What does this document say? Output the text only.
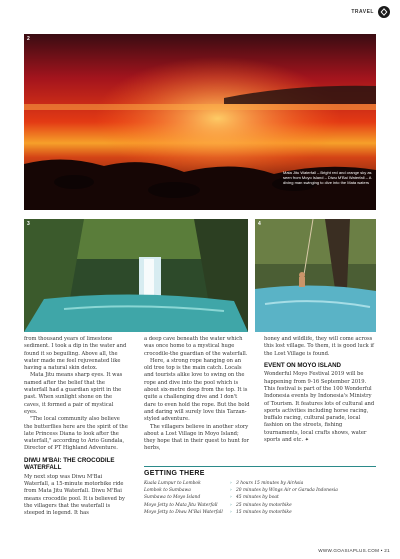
TRAVEL
2
Mata Jitu Waterfall – Bright red and orange sky as seen from Moyo Island – Diwu M'Bai Waterfall – A diving man swinging to dive into the Mata waters
3	4

from thousand years of limestone sediment. I took a dip in the water and found it so beguiling. Above all, the water made me feel rejuvenated like having a natural skin detox.

Mata Jitu means sharp eyes. It was named after the belief that the waterfall had a guardian spirit in the past. When sunlight shone on the caves, it formed a pair of mystical eyes.

"The local community also believe the butterflies here are the spirit of the late Princess Diana to look after the waterfall," according to Ario Gundala, Director of PT Highland Adventure.

DIWU M'BAI: THE CROCODILE WATERFALL

My next stop was Diwu M'Bai Waterfall, a 15-minute motorbike ride from Mata Jitu Waterfall. Diwu M'Bai means crocodile pool. It is believed by the villagers that the waterfall is steeped in legend. It has

a deep cave beneath the water which was once home to a mystical huge crocodile-the guardian of the waterfall.

Here, a strong rope hanging on an old tree top is the main catch. Locals and tourists alike love to swing on the rope and dive into the pool which is about six-metre deep from the top. It is quite a challenging dive and I don't dare to even hold the rope. But the bold and daring will surely love this Tarzan-styled adventure.

The villagers believe in another story about a Lost Village in Moyo Island; they hope that in their quest to hunt for herbs,

honey and wildlife, they will come across this lost village. To them, it is good luck if the Lost Village is found.

EVENT ON MOYO ISLAND

Wonderful Moyo Festival 2019 will be happening from 9-16 September 2019. This festival is part of the 100 Wonderful Indonesia events by Indonesia's Ministry of Tourism. It features lots of cultural and sports activities including horse racing, buffalo racing, cultural parade, local fashion on the streets, fishing tournaments, local crafts shows, water sports and etc. ✦

GETTING THERE
Kuala Lumpur to Lombok	› 3 hours 15 minutes by AirAsia
Lombok to Sumbawa	› 20 minutes by Wings Air or Garuda Indonesia
Sumbawa to Moyo Island	› 45 minutes by boat
Moyo Jetty to Mata Jitu Waterfall	› 25 minutes by motorbike
Moyo Jetty to Diwu M'Bai Waterfall	› 15 minutes by motorbike
WWW.GOASIAPLUS.COM • 21
